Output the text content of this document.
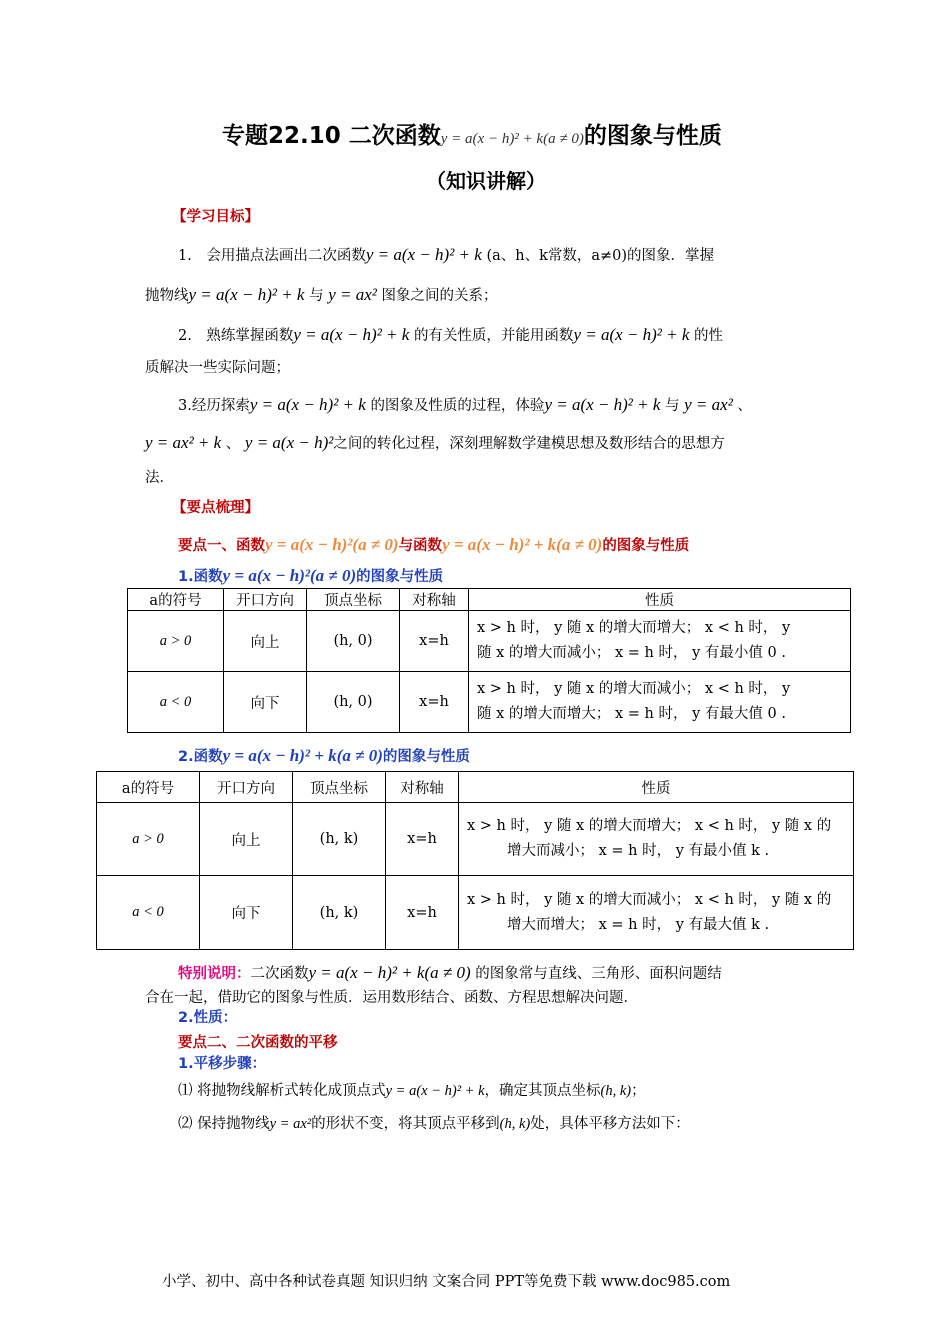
专题22.10 二次函数y = a(x − h)² + k(a ≠ 0)的图象与性质
（知识讲解）
【学习目标】
1.　会用描点法画出二次函数y = a(x − h)² + k (a、h、k常数，a≠0)的图象．掌握
抛物线y = a(x − h)² + k 与 y = ax² 图象之间的关系；
2.　熟练掌握函数y = a(x − h)² + k 的有关性质，并能用函数y = a(x − h)² + k 的性
质解决一些实际问题；
3.经历探索y = a(x − h)² + k 的图象及性质的过程，体验y = a(x − h)² + k 与 y = ax² 、
y = ax² + k 、 y = a(x − h)²之间的转化过程，深刻理解数学建模思想及数形结合的思想方
法．
【要点梳理】
要点一、函数y = a(x − h)²(a ≠ 0)与函数y = a(x − h)² + k(a ≠ 0)的图象与性质
1.函数y = a(x − h)²(a ≠ 0)的图象与性质
a的符号	开口方向	顶点坐标	对称轴	性质
a > 0	向上	(h, 0)	x=h	x > h 时， y 随 x 的增大而增大； x < h 时， y
随 x 的增大而减小； x = h 时， y 有最小值 0 .

a < 0	向下	(h, 0)	x=h	x > h 时， y 随 x 的增大而减小； x < h 时， y
随 x 的增大而增大； x = h 时， y 有最大值 0 .
2.函数y = a(x − h)² + k(a ≠ 0)的图象与性质
a的符号	开口方向	顶点坐标	对称轴	性质
a > 0	向上	(h, k)	x=h	x > h 时， y 随 x 的增大而增大； x < h 时， y 随 x 的
增大而减小； x = h 时， y 有最小值 k .

a < 0	向下	(h, k)	x=h	x > h 时， y 随 x 的增大而减小； x < h 时， y 随 x 的
增大而增大； x = h 时， y 有最大值 k .
特别说明：二次函数y = a(x − h)² + k(a ≠ 0) 的图象常与直线、三角形、面积问题结
合在一起，借助它的图象与性质．运用数形结合、函数、方程思想解决问题．
2.性质：
要点二、二次函数的平移
1.平移步骤：
⑴ 将抛物线解析式转化成顶点式y = a(x − h)² + k，确定其顶点坐标(h, k)；
⑵ 保持抛物线y = ax²的形状不变，将其顶点平移到(h, k)处，具体平移方法如下：
小学、初中、高中各种试卷真题 知识归纳 文案合同 PPT等免费下载 www.doc985.com
